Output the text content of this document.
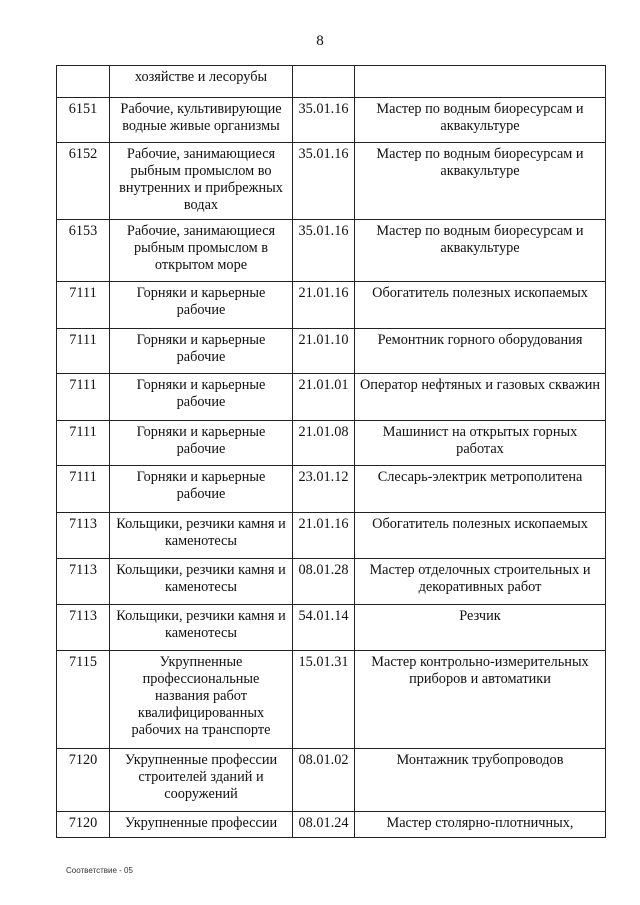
8
	хозяйстве и лесорубы		
6151	Рабочие, культивирующие водные живые организмы	35.01.16	Мастер по водным биоресурсам и аквакультуре
6152	Рабочие, занимающиеся рыбным промыслом во внутренних и прибрежных водах	35.01.16	Мастер по водным биоресурсам и аквакультуре
6153	Рабочие, занимающиеся рыбным промыслом в открытом море	35.01.16	Мастер по водным биоресурсам и аквакультуре
7111	Горняки и карьерные рабочие	21.01.16	Обогатитель полезных ископаемых
7111	Горняки и карьерные рабочие	21.01.10	Ремонтник горного оборудования
7111	Горняки и карьерные рабочие	21.01.01	Оператор нефтяных и газовых скважин
7111	Горняки и карьерные рабочие	21.01.08	Машинист на открытых горных работах
7111	Горняки и карьерные рабочие	23.01.12	Слесарь-электрик метрополитена
7113	Кольщики, резчики камня и каменотесы	21.01.16	Обогатитель полезных ископаемых
7113	Кольщики, резчики камня и каменотесы	08.01.28	Мастер отделочных строительных и декоративных работ
7113	Кольщики, резчики камня и каменотесы	54.01.14	Резчик
7115	Укрупненные профессиональные названия работ квалифицированных рабочих на транспорте	15.01.31	Мастер контрольно-измерительных приборов и автоматики
7120	Укрупненные профессии строителей зданий и сооружений	08.01.02	Монтажник трубопроводов
7120	Укрупненные профессии	08.01.24	Мастер столярно-плотничных,
Соответствие - 05
